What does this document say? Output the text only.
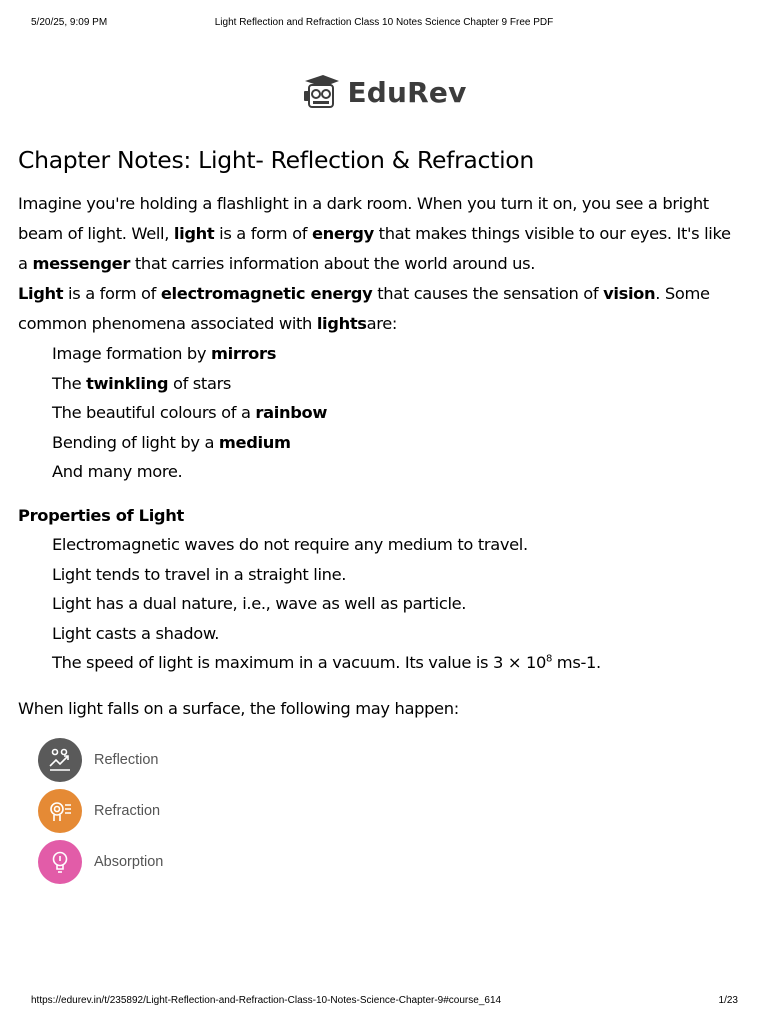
5/20/25, 9:09 PM	Light Reflection and Refraction Class 10 Notes Science Chapter 9 Free PDF
EduRev
Chapter Notes: Light- Reflection & Refraction

Imagine you're holding a flashlight in a dark room. When you turn it on, you see a bright beam of light. Well, light is a form of energy that makes things visible to our eyes. It's like a messenger that carries information about the world around us.

Light is a form of electromagnetic energy that causes the sensation of vision. Some common phenomena associated with lightsare:

Image formation by mirrors
The twinkling of stars
The beautiful colours of a rainbow
Bending of light by a medium
And many more.
Properties of Light
Electromagnetic waves do not require any medium to travel.
Light tends to travel in a straight line.
Light has a dual nature, i.e., wave as well as particle.
Light casts a shadow.
The speed of light is maximum in a vacuum. Its value is $3 \times 10^8$ ms-1.

When light falls on a surface, the following may happen:

Reflection
Refraction
Absorption
https://edurev.in/t/235892/Light-Reflection-and-Refraction-Class-10-Notes-Science-Chapter-9#course_614	1/23
